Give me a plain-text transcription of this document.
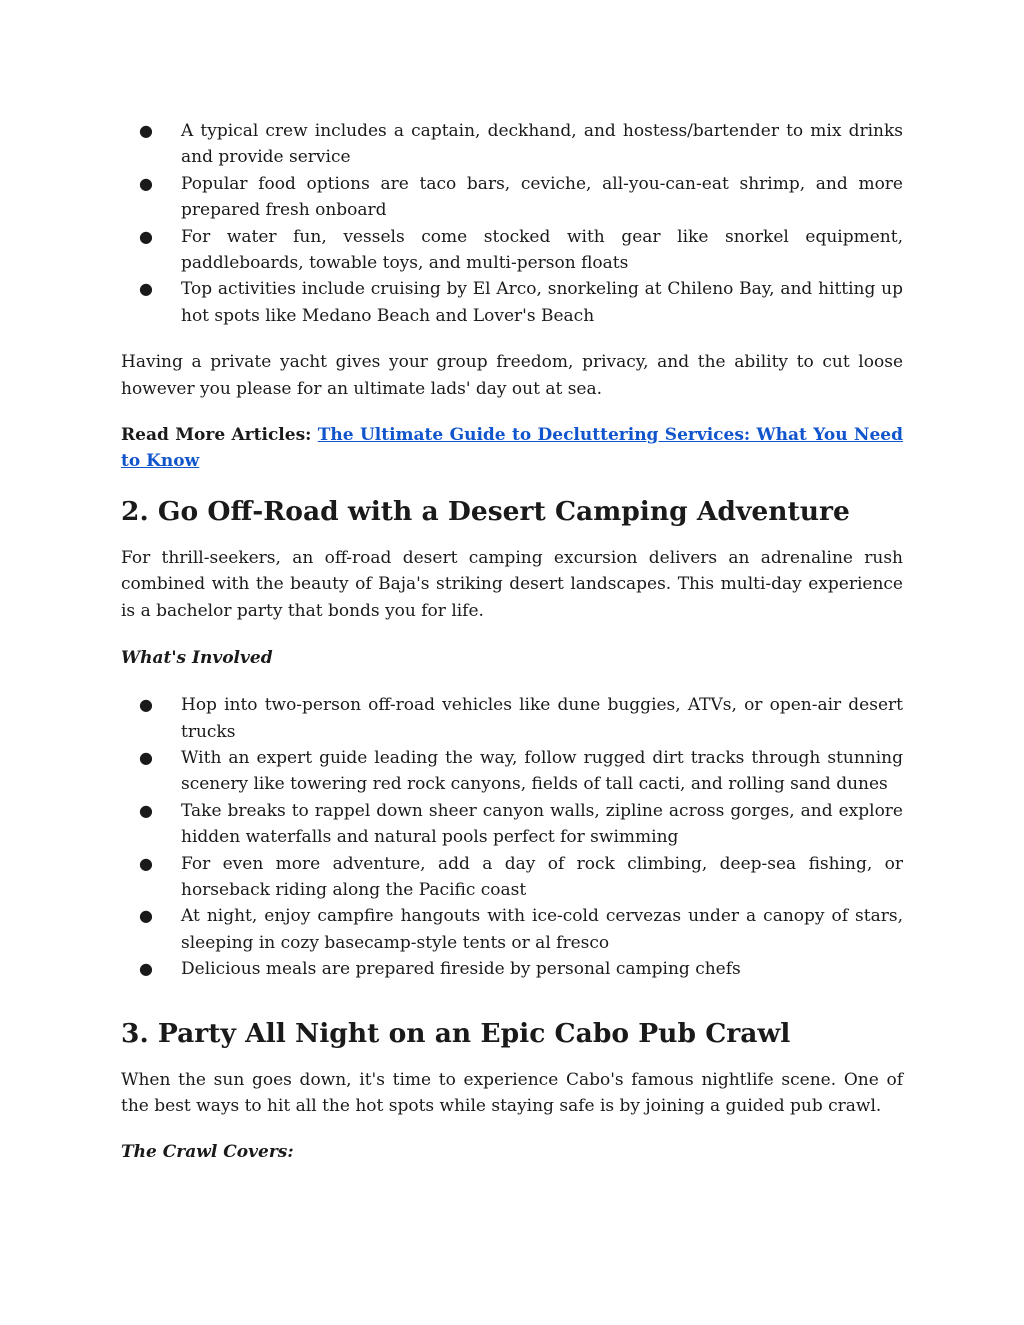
● A typical crew includes a captain, deckhand, and hostess/bartender to mix drinks and provide service
● Popular food options are taco bars, ceviche, all-you-can-eat shrimp, and more prepared fresh onboard
● For water fun, vessels come stocked with gear like snorkel equipment, paddleboards, towable toys, and multi-person floats
● Top activities include cruising by El Arco, snorkeling at Chileno Bay, and hitting up hot spots like Medano Beach and Lover's Beach

Having a private yacht gives your group freedom, privacy, and the ability to cut loose however you please for an ultimate lads' day out at sea.

Read More Articles: The Ultimate Guide to Decluttering Services: What You Need to Know

2. Go Off-Road with a Desert Camping Adventure

For thrill-seekers, an off-road desert camping excursion delivers an adrenaline rush combined with the beauty of Baja's striking desert landscapes. This multi-day experience is a bachelor party that bonds you for life.

What's Involved

● Hop into two-person off-road vehicles like dune buggies, ATVs, or open-air desert trucks
● With an expert guide leading the way, follow rugged dirt tracks through stunning scenery like towering red rock canyons, fields of tall cacti, and rolling sand dunes
● Take breaks to rappel down sheer canyon walls, zipline across gorges, and explore hidden waterfalls and natural pools perfect for swimming
● For even more adventure, add a day of rock climbing, deep-sea fishing, or horseback riding along the Pacific coast
● At night, enjoy campfire hangouts with ice-cold cervezas under a canopy of stars, sleeping in cozy basecamp-style tents or al fresco
● Delicious meals are prepared fireside by personal camping chefs
3. Party All Night on an Epic Cabo Pub Crawl

When the sun goes down, it's time to experience Cabo's famous nightlife scene. One of the best ways to hit all the hot spots while staying safe is by joining a guided pub crawl.

The Crawl Covers:
